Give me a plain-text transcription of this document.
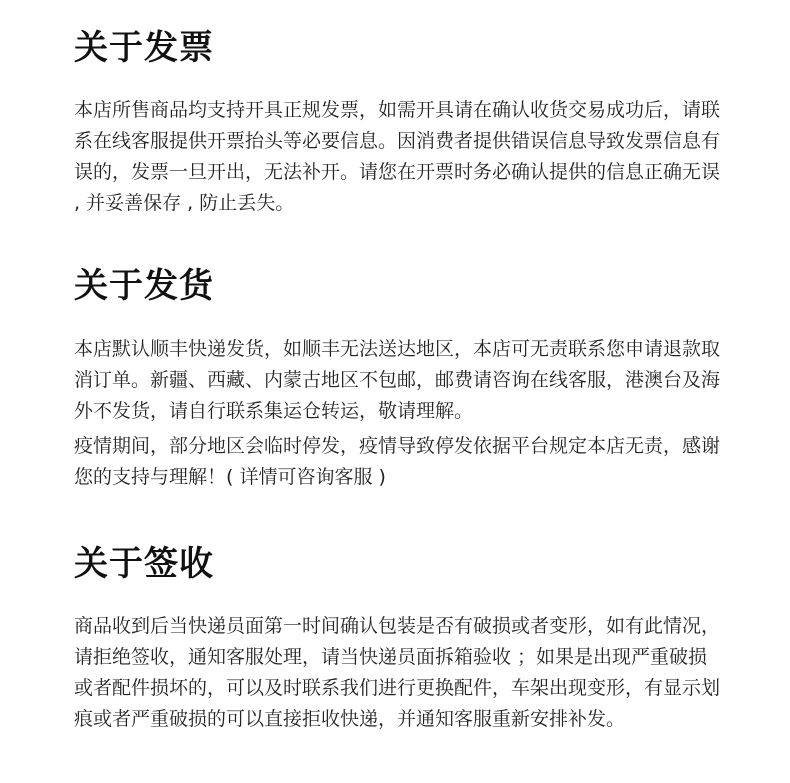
关于发票

本店所售商品均支持开具正规发票，如需开具请在确认收货交易成功后，请联系在线客服提供开票抬头等必要信息。因消费者提供错误信息导致发票信息有误的，发票一旦开出，无法补开。请您在开票时务必确认提供的信息正确无误 , 并妥善保存 , 防止丢失。

关于发货

本店默认顺丰快递发货，如顺丰无法送达地区，本店可无责联系您申请退款取消订单。新疆、西藏、内蒙古地区不包邮，邮费请咨询在线客服，港澳台及海外不发货，请自行联系集运仓转运，敬请理解。

疫情期间，部分地区会临时停发，疫情导致停发依据平台规定本店无责，感谢您的支持与理解！( 详情可咨询客服 )

关于签收

商品收到后当快递员面第一时间确认包装是否有破损或者变形，如有此情况，请拒绝签收，通知客服处理，请当快递员面拆箱验收 ；如果是出现严重破损或者配件损坏的，可以及时联系我们进行更换配件，车架出现变形，有显示划痕或者严重破损的可以直接拒收快递，并通知客服重新安排补发。
